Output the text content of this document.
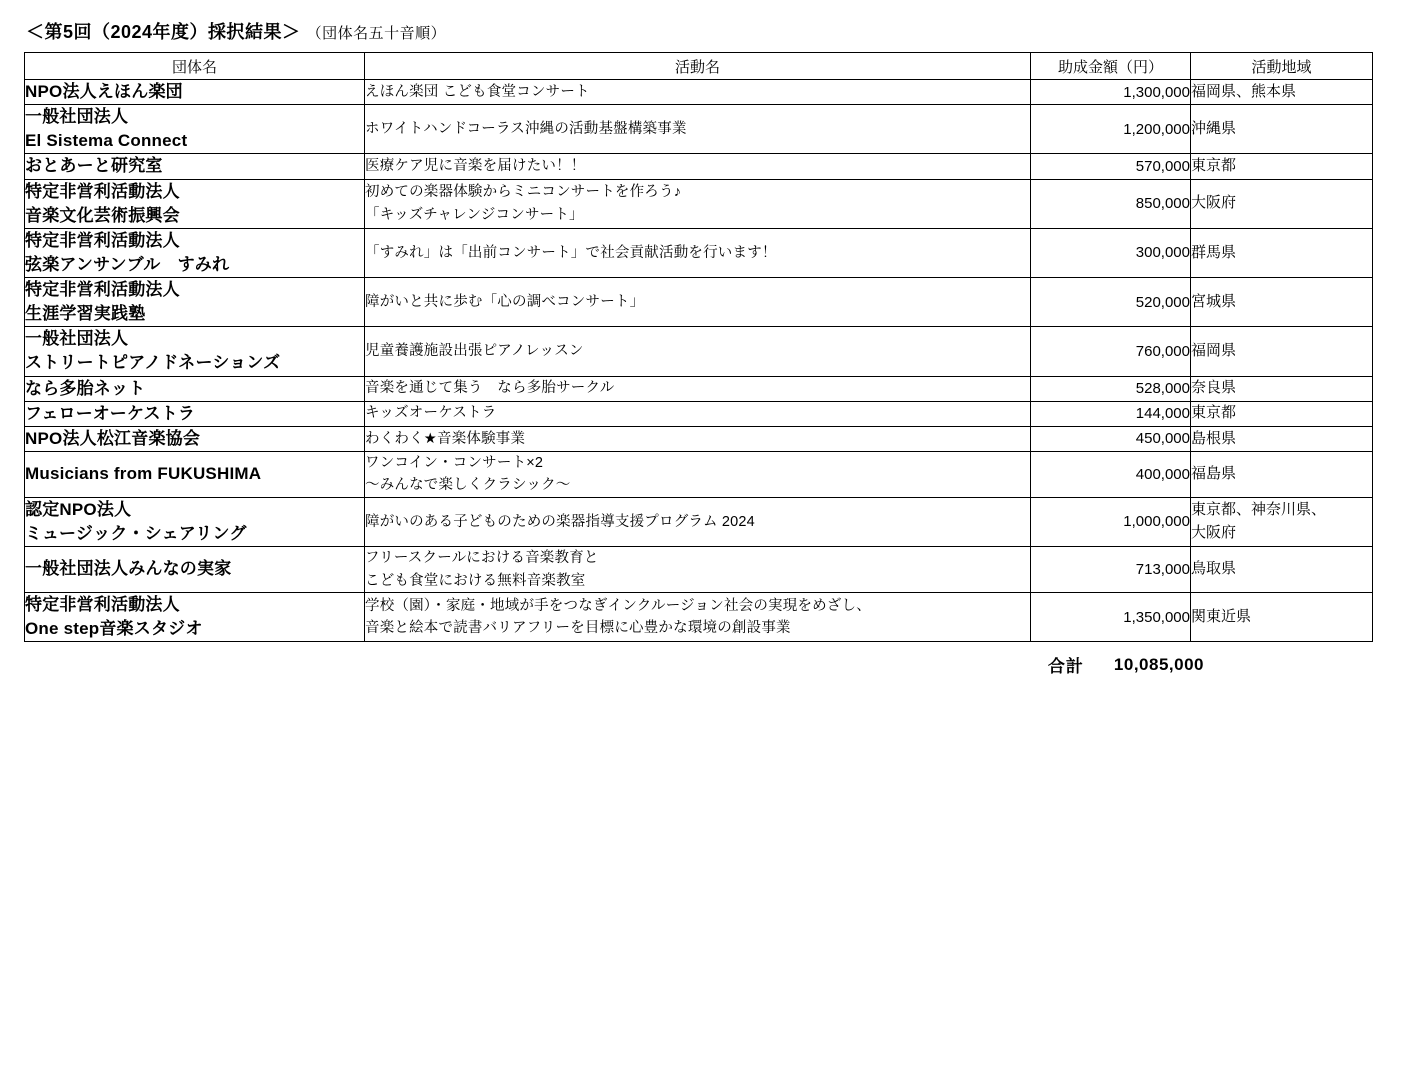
＜第5回（2024年度）採択結果＞ （団体名五十音順）
団体名	活動名	助成金額（円）	活動地域

NPO法人えほん楽団	えほん楽団 こども食堂コンサート	1,300,000	福岡県、熊本県

一般社団法人
El Sistema Connect	ホワイトハンドコーラス沖縄の活動基盤構築事業	1,200,000	沖縄県

おとあーと研究室	医療ケア児に音楽を届けたい！！	570,000	東京都

特定非営利活動法人
音楽文化芸術振興会	初めての楽器体験からミニコンサートを作ろう♪
「キッズチャレンジコンサート」	850,000	大阪府

特定非営利活動法人
弦楽アンサンブル　すみれ	「すみれ」は「出前コンサート」で社会貢献活動を行います！	300,000	群馬県

特定非営利活動法人
生涯学習実践塾	障がいと共に歩む「心の調べコンサート」	520,000	宮城県

一般社団法人
ストリートピアノドネーションズ	児童養護施設出張ピアノレッスン	760,000	福岡県

なら多胎ネット	音楽を通じて集う　なら多胎サークル	528,000	奈良県

フェローオーケストラ	キッズオーケストラ	144,000	東京都

NPO法人松江音楽協会	わくわく★音楽体験事業	450,000	島根県

Musicians from FUKUSHIMA	ワンコイン・コンサート×2
～みんなで楽しくクラシック～	400,000	福島県

認定NPO法人
ミュージック・シェアリング	障がいのある子どものための楽器指導支援プログラム 2024	1,000,000	東京都、神奈川県、
大阪府

一般社団法人みんなの実家	フリースクールにおける音楽教育と
こども食堂における無料音楽教室	713,000	鳥取県

特定非営利活動法人
One step音楽スタジオ	学校（園）・家庭・地域が手をつなぎインクルージョン社会の実現をめざし、
音楽と絵本で読書バリアフリーを目標に心豊かな環境の創設事業	1,350,000	関東近県
合計 10,085,000
